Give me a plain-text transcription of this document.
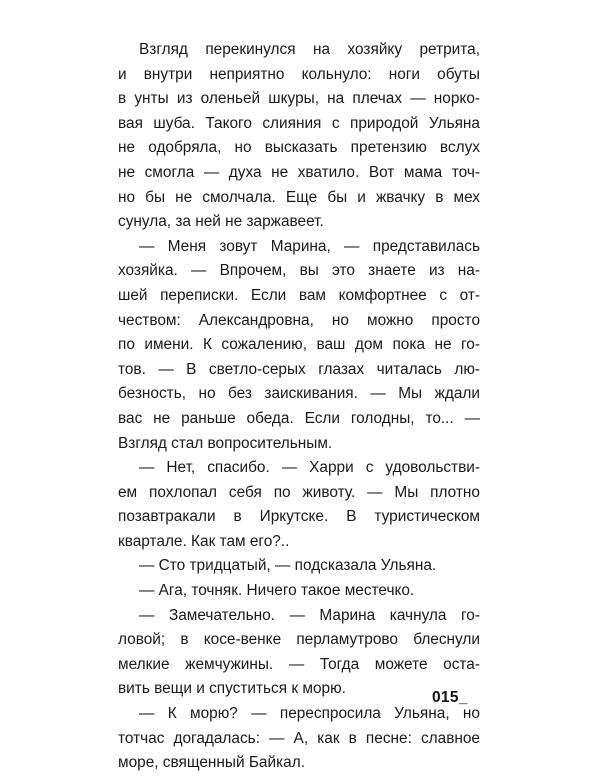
Взгляд перекинулся на хозяйку ретрита,
и внутри неприятно кольнуло: ноги обуты
в унты из оленьей шкуры, на плечах — норко-
вая шуба. Такого слияния с природой Ульяна
не одобряла, но высказать претензию вслух
не смогла — духа не хватило. Вот мама точ-
но бы не смолчала. Еще бы и жвачку в мех
сунула, за ней не заржавеет.
— Меня зовут Марина, — представилась
хозяйка. — Впрочем, вы это знаете из на-
шей переписки. Если вам комфортнее с от-
чеством: Александровна, но можно просто
по имени. К сожалению, ваш дом пока не го-
тов. — В светло-серых глазах читалась лю-
безность, но без заискивания. — Мы ждали
вас не раньше обеда. Если голодны, то... —
Взгляд стал вопросительным.
— Нет, спасибо. — Харри с удовольстви-
ем похлопал себя по животу. — Мы плотно
позавтракали в Иркутске. В туристическом
квартале. Как там его?..
— Сто тридцатый, — подсказала Ульяна.
— Ага, точняк. Ничего такое местечко.
— Замечательно. — Марина качнула го-
ловой; в косе-венке перламутрово блеснули
мелкие жемчужины. — Тогда можете оста-
вить вещи и спуститься к морю.
— К морю? — переспросила Ульяна, но
тотчас догадалась: — А, как в песне: славное
море, священный Байкал.
015_
